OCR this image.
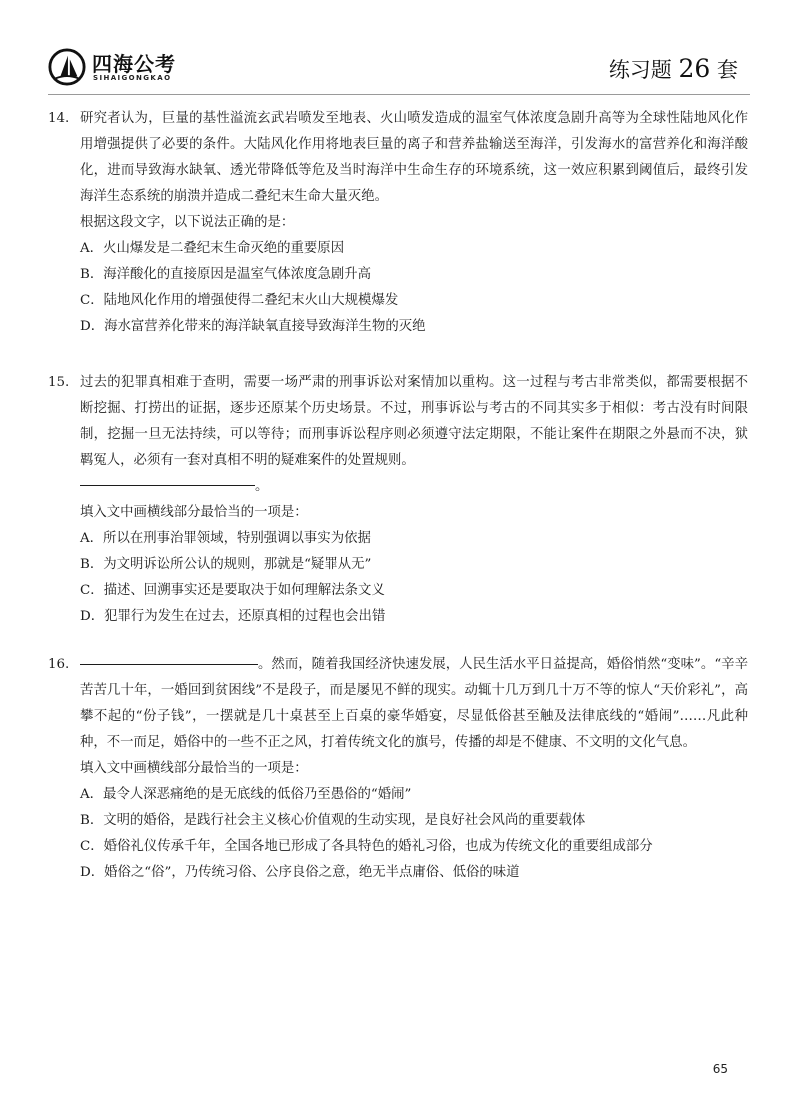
四海公考
SIHAIGONGKAO	练习题 26 套
14. 研究者认为，巨量的基性溢流玄武岩喷发至地表、火山喷发造成的温室气体浓度急剧升高等为全球性陆地风化作用增强提供了必要的条件。大陆风化作用将地表巨量的离子和营养盐输送至海洋，引发海水的富营养化和海洋酸化，进而导致海水缺氧、透光带降低等危及当时海洋中生命生存的环境系统，这一效应积累到阈值后，最终引发海洋生态系统的崩溃并造成二叠纪末生命大量灭绝。
根据这段文字，以下说法正确的是：
A．火山爆发是二叠纪末生命灭绝的重要原因
B．海洋酸化的直接原因是温室气体浓度急剧升高
C．陆地风化作用的增强使得二叠纪末火山大规模爆发
D．海水富营养化带来的海洋缺氧直接导致海洋生物的灭绝
15. 过去的犯罪真相难于查明，需要一场严肃的刑事诉讼对案情加以重构。这一过程与考古非常类似，都需要根据不断挖掘、打捞出的证据，逐步还原某个历史场景。不过，刑事诉讼与考古的不同其实多于相似：考古没有时间限制，挖掘一旦无法持续，可以等待；而刑事诉讼程序则必须遵守法定期限，不能让案件在期限之外悬而不决，狱羁冤人，必须有一套对真相不明的疑难案件的处置规则。
。
填入文中画横线部分最恰当的一项是：
A．所以在刑事治罪领域，特别强调以事实为依据
B．为文明诉讼所公认的规则，那就是“疑罪从无”
C．描述、回溯事实还是要取决于如何理解法条文义
D．犯罪行为发生在过去，还原真相的过程也会出错
16.	。然而，随着我国经济快速发展，人民生活水平日益提高，婚俗悄然“变味”。“辛辛苦苦几十年，一婚回到贫困线”不是段子，而是屡见不鲜的现实。动辄十几万到几十万不等的惊人“天价彩礼”，高攀不起的“份子钱”，一摆就是几十桌甚至上百桌的豪华婚宴，尽显低俗甚至触及法律底线的“婚闹”……凡此种种，不一而足，婚俗中的一些不正之风，打着传统文化的旗号，传播的却是不健康、不文明的文化气息。
填入文中画横线部分最恰当的一项是：
A．最令人深恶痛绝的是无底线的低俗乃至愚俗的“婚闹”
B．文明的婚俗，是践行社会主义核心价值观的生动实现，是良好社会风尚的重要载体
C．婚俗礼仪传承千年，全国各地已形成了各具特色的婚礼习俗，也成为传统文化的重要组成部分
D．婚俗之“俗”，乃传统习俗、公序良俗之意，绝无半点庸俗、低俗的味道
65
